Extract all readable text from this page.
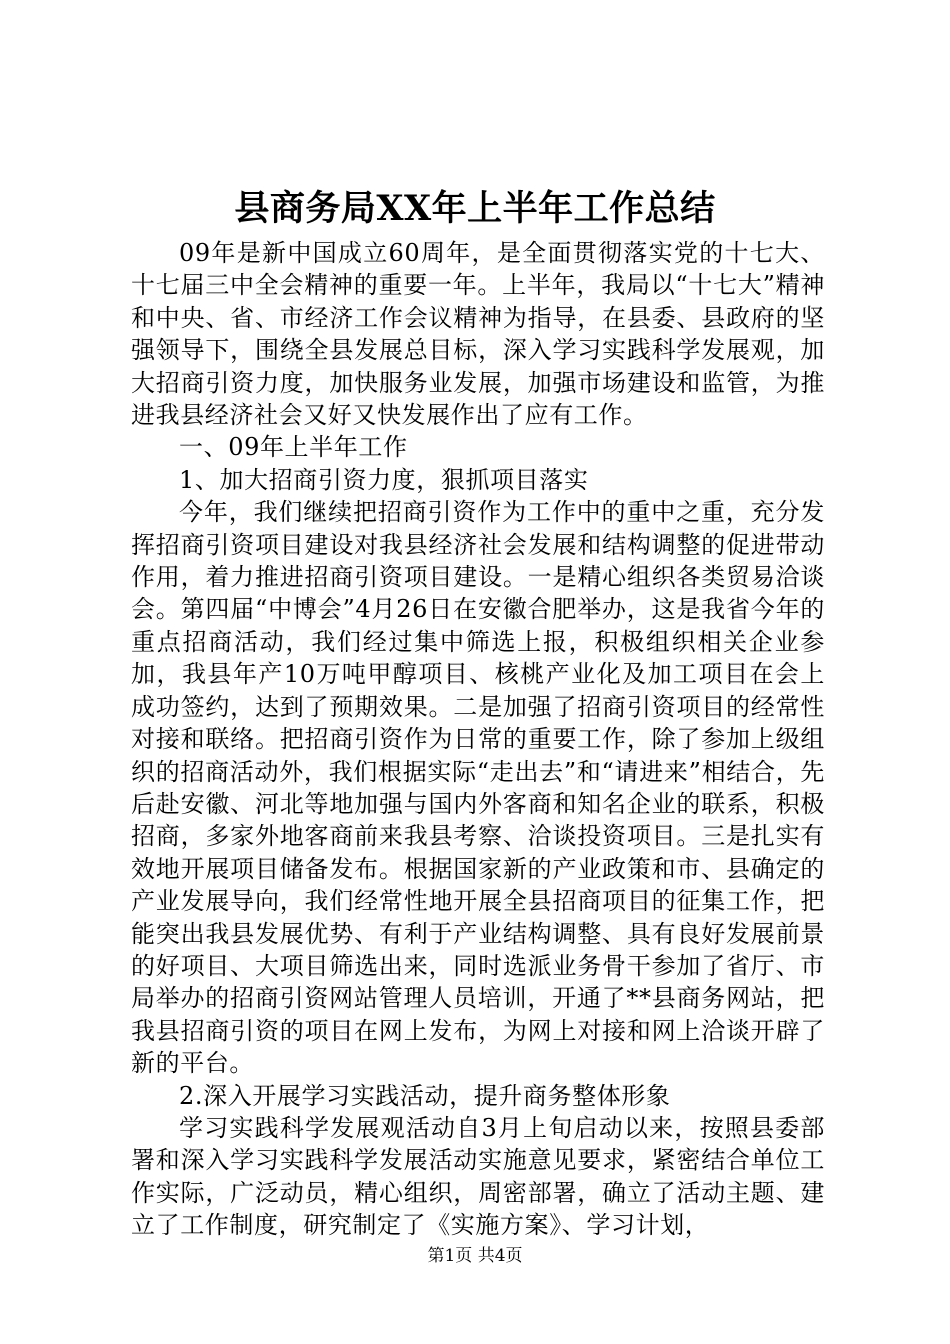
县商务局XX年上半年工作总结

09年是新中国成立60周年，是全面贯彻落实党的十七大、十七届三中全会精神的重要一年。上半年，我局以“十七大”精神和中央、省、市经济工作会议精神为指导，在县委、县政府的坚强领导下，围绕全县发展总目标，深入学习实践科学发展观，加大招商引资力度，加快服务业发展，加强市场建设和监管，为推进我县经济社会又好又快发展作出了应有工作。

一、09年上半年工作

1、加大招商引资力度，狠抓项目落实

今年，我们继续把招商引资作为工作中的重中之重，充分发挥招商引资项目建设对我县经济社会发展和结构调整的促进带动作用，着力推进招商引资项目建设。一是精心组织各类贸易洽谈会。第四届“中博会”4月26日在安徽合肥举办，这是我省今年的重点招商活动，我们经过集中筛选上报，积极组织相关企业参加，我县年产10万吨甲醇项目、核桃产业化及加工项目在会上成功签约，达到了预期效果。二是加强了招商引资项目的经常性对接和联络。把招商引资作为日常的重要工作，除了参加上级组织的招商活动外，我们根据实际“走出去”和“请进来”相结合，先后赴安徽、河北等地加强与国内外客商和知名企业的联系，积极招商，多家外地客商前来我县考察、洽谈投资项目。三是扎实有效地开展项目储备发布。根据国家新的产业政策和市、县确定的产业发展导向，我们经常性地开展全县招商项目的征集工作，把能突出我县发展优势、有利于产业结构调整、具有良好发展前景的好项目、大项目筛选出来，同时选派业务骨干参加了省厅、市局举办的招商引资网站管理人员培训，开通了**县商务网站，把我县招商引资的项目在网上发布，为网上对接和网上洽谈开辟了新的平台。

2.深入开展学习实践活动，提升商务整体形象

学习实践科学发展观活动自3月上旬启动以来，按照县委部署和深入学习实践科学发展活动实施意见要求，紧密结合单位工作实际，广泛动员，精心组织，周密部署，确立了活动主题、建立了工作制度，研究制定了《实施方案》、学习计划，

第1页 共4页
